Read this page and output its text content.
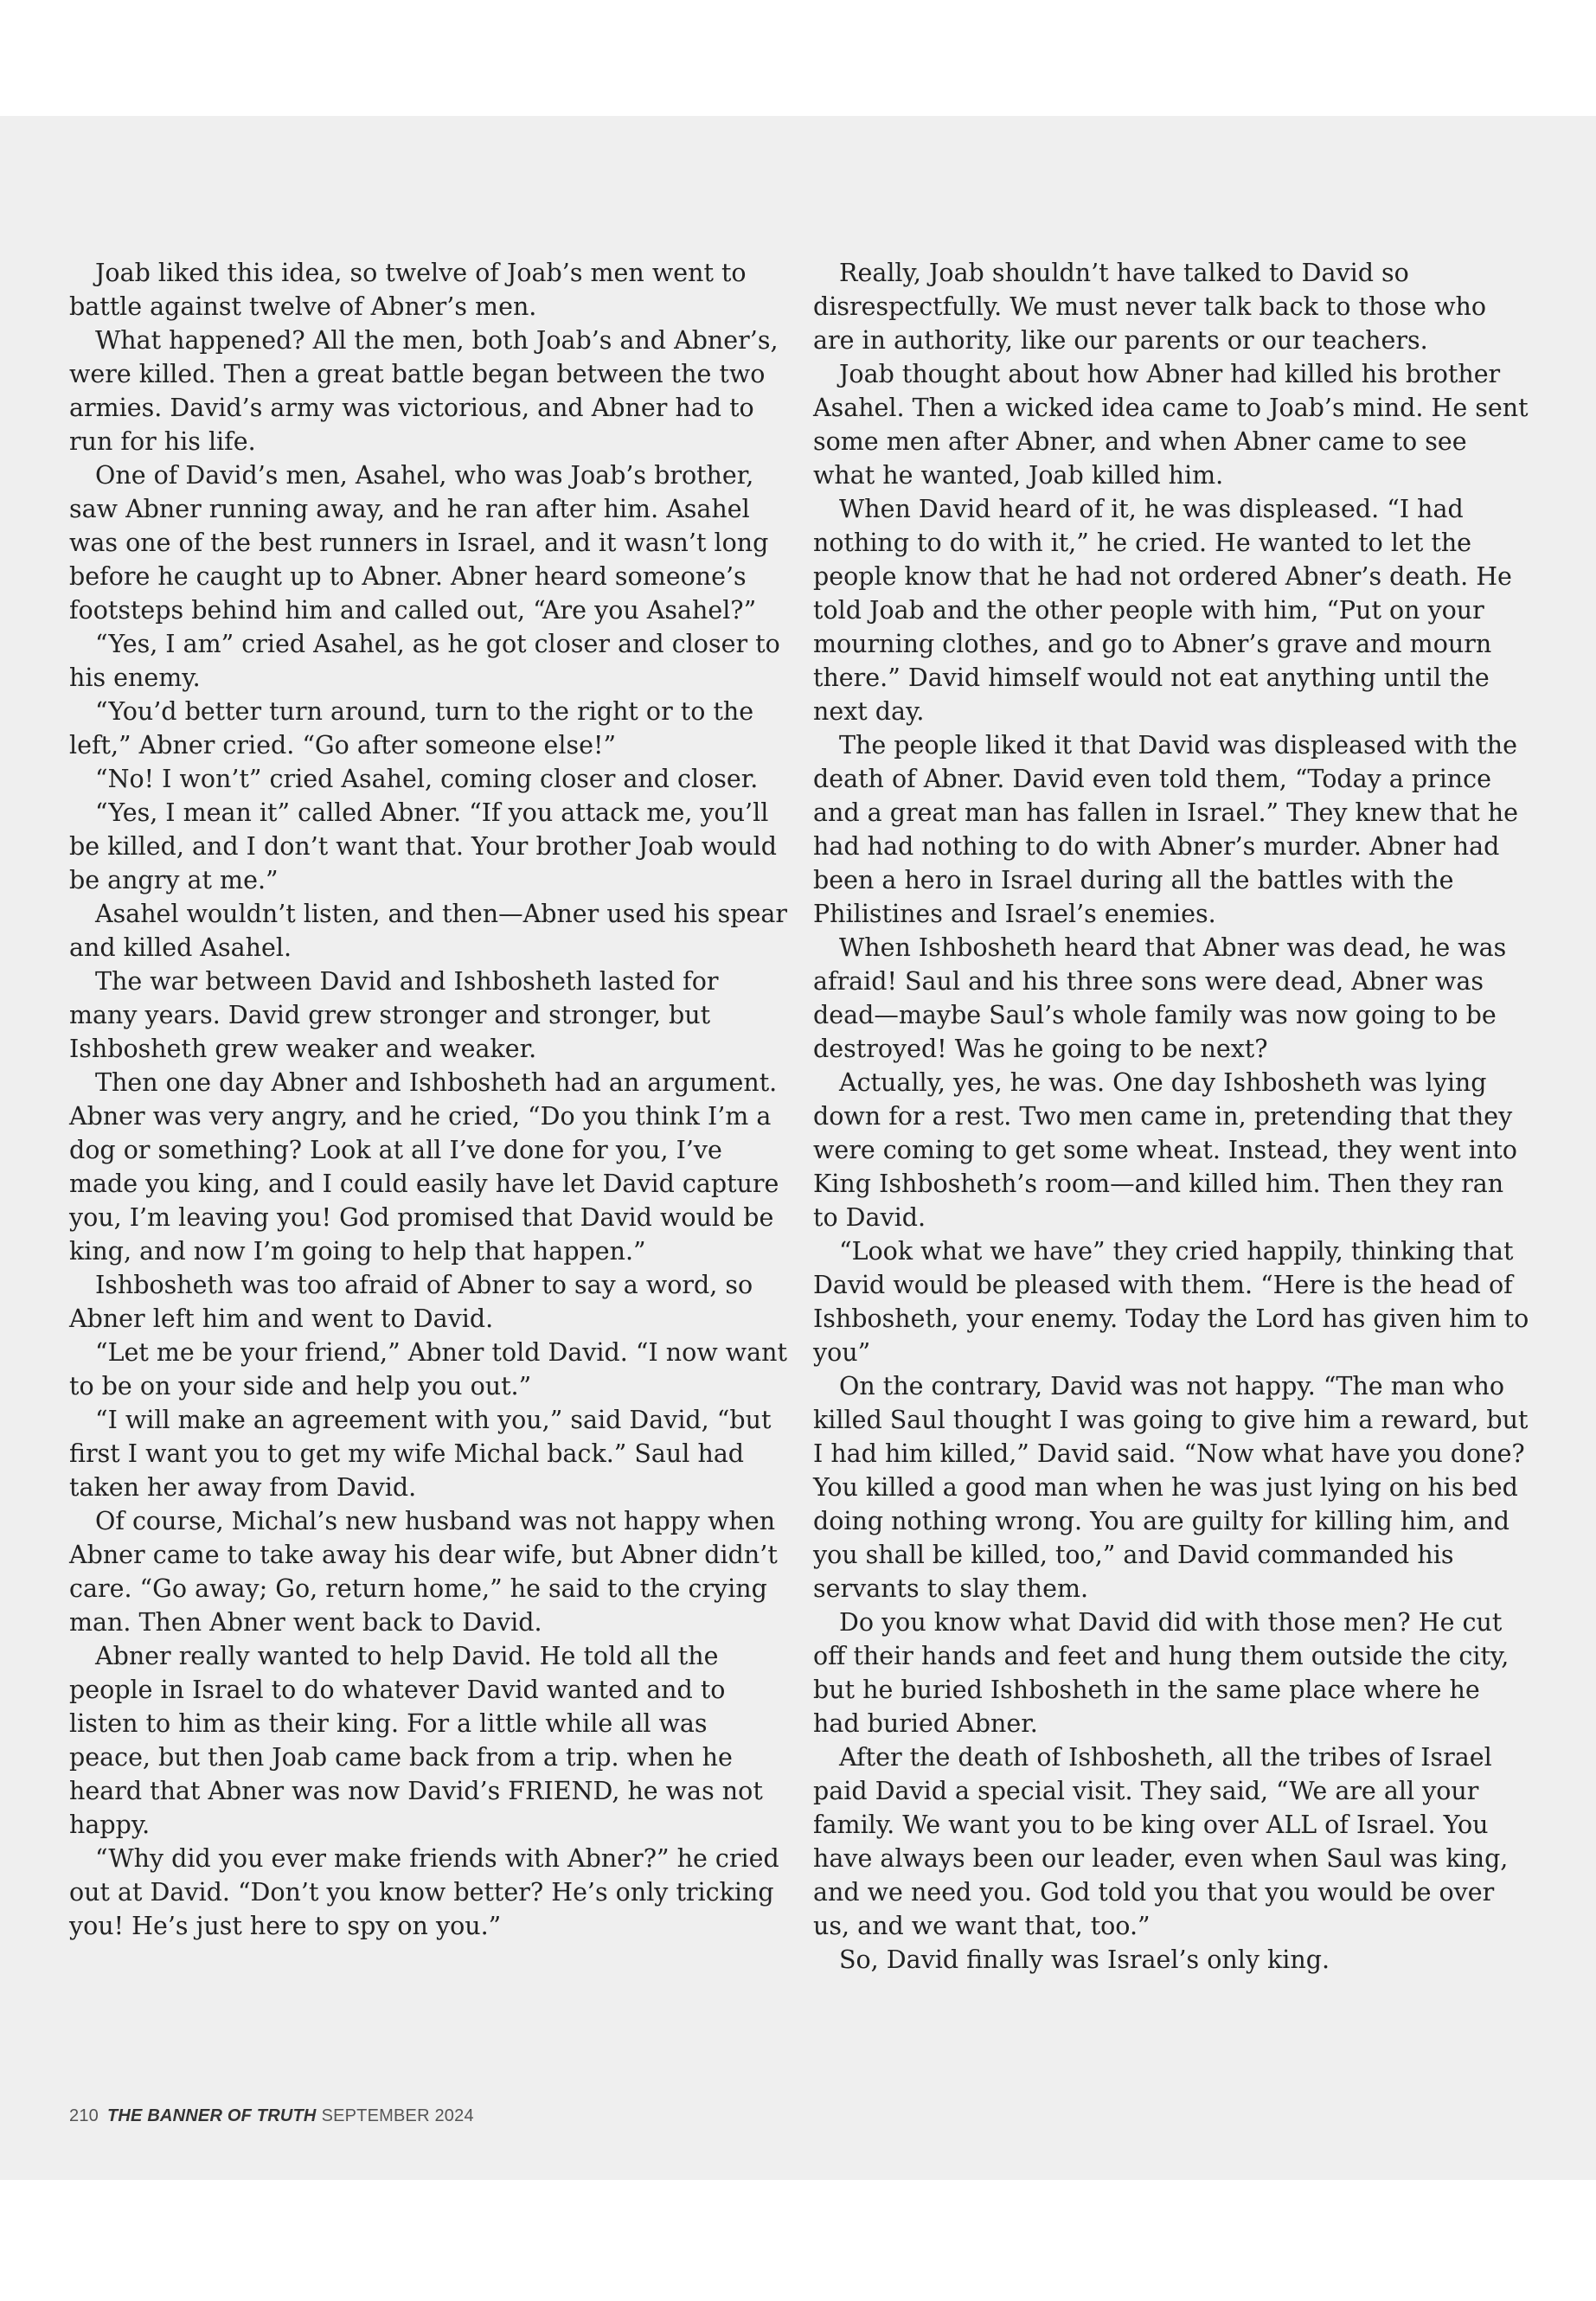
Joab liked this idea, so twelve of Joab’s men went to battle against twelve of Abner’s men.

What happened? All the men, both Joab’s and Abner’s, were killed. Then a great battle began between the two armies. David’s army was victorious, and Abner had to run for his life.

One of David’s men, Asahel, who was Joab’s brother, saw Abner running away, and he ran after him. Asahel was one of the best runners in Israel, and it wasn’t long before he caught up to Abner. Abner heard someone’s footsteps behind him and called out, “Are you Asahel?”

“Yes, I am” cried Asahel, as he got closer and closer to his enemy.

“You’d better turn around, turn to the right or to the left,” Abner cried. “Go after someone else!”

“No! I won’t” cried Asahel, coming closer and closer.

“Yes, I mean it” called Abner. “If you attack me, you’ll be killed, and I don’t want that. Your brother Joab would be angry at me.”

Asahel wouldn’t listen, and then—Abner used his spear and killed Asahel.

The war between David and Ishbosheth lasted for many years. David grew stronger and stronger, but Ishbosheth grew weaker and weaker.

Then one day Abner and Ishbosheth had an argument. Abner was very angry, and he cried, “Do you think I’m a dog or something? Look at all I’ve done for you, I’ve made you king, and I could easily have let David capture you, I’m leaving you! God promised that David would be king, and now I’m going to help that happen.”

Ishbosheth was too afraid of Abner to say a word, so Abner left him and went to David.

“Let me be your friend,” Abner told David. “I now want to be on your side and help you out.”

“I will make an agreement with you,” said David, “but first I want you to get my wife Michal back.” Saul had taken her away from David.

Of course, Michal’s new husband was not happy when Abner came to take away his dear wife, but Abner didn’t care. “Go away; Go, return home,” he said to the crying man. Then Abner went back to David.

Abner really wanted to help David. He told all the people in Israel to do whatever David wanted and to listen to him as their king. For a little while all was peace, but then Joab came back from a trip. when he heard that Abner was now David’s FRIEND, he was not happy.

“Why did you ever make friends with Abner?” he cried out at David. “Don’t you know better? He’s only tricking you! He’s just here to spy on you.”

Really, Joab shouldn’t have talked to David so disrespectfully. We must never talk back to those who are in authority, like our parents or our teachers.

Joab thought about how Abner had killed his brother Asahel. Then a wicked idea came to Joab’s mind. He sent some men after Abner, and when Abner came to see what he wanted, Joab killed him.

When David heard of it, he was displeased. “I had nothing to do with it,” he cried. He wanted to let the people know that he had not ordered Abner’s death. He told Joab and the other people with him, “Put on your mourning clothes, and go to Abner’s grave and mourn there.” David himself would not eat anything until the next day.

The people liked it that David was displeased with the death of Abner. David even told them, “Today a prince and a great man has fallen in Israel.” They knew that he had had nothing to do with Abner’s murder. Abner had been a hero in Israel during all the battles with the Philistines and Israel’s enemies.

When Ishbosheth heard that Abner was dead, he was afraid! Saul and his three sons were dead, Abner was dead—maybe Saul’s whole family was now going to be destroyed! Was he going to be next?

Actually, yes, he was. One day Ishbosheth was lying down for a rest. Two men came in, pretending that they were coming to get some wheat. Instead, they went into King Ishbosheth’s room—and killed him. Then they ran to David.

“Look what we have” they cried happily, thinking that David would be pleased with them. “Here is the head of Ishbosheth, your enemy. Today the Lord has given him to you”

On the contrary, David was not happy. “The man who killed Saul thought I was going to give him a reward, but I had him killed,” David said. “Now what have you done? You killed a good man when he was just lying on his bed doing nothing wrong. You are guilty for killing him, and you shall be killed, too,” and David commanded his servants to slay them.

Do you know what David did with those men? He cut off their hands and feet and hung them outside the city, but he buried Ishbosheth in the same place where he had buried Abner.

After the death of Ishbosheth, all the tribes of Israel paid David a special visit. They said, “We are all your family. We want you to be king over ALL of Israel. You have always been our leader, even when Saul was king, and we need you. God told you that you would be over us, and we want that, too.”

So, David finally was Israel’s only king.

210 THE BANNER OF TRUTH SEPTEMBER 2024
